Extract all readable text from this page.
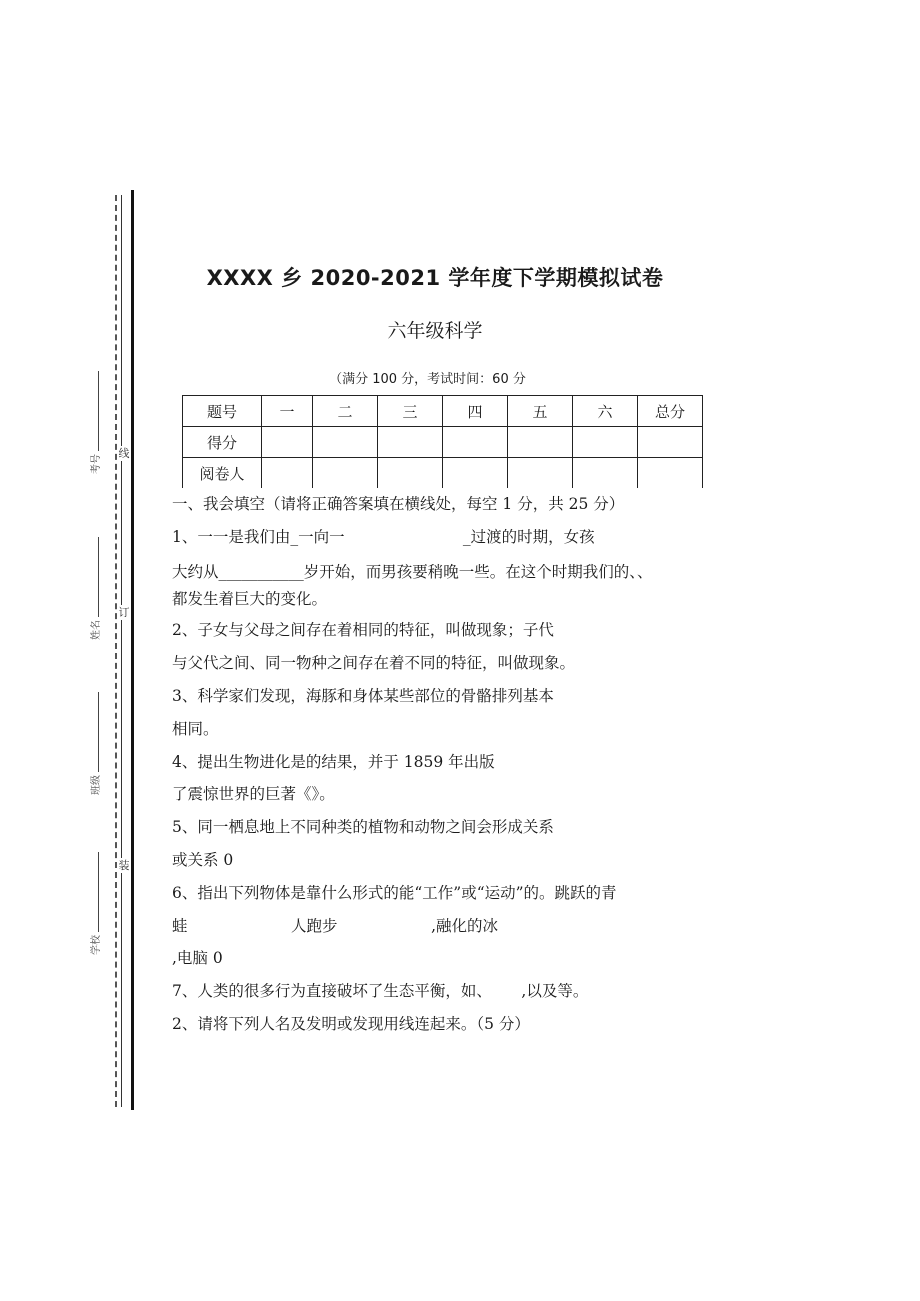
线
订
装
考号
姓名
班级
学校
XXXX 乡 2020-2021 学年度下学期模拟试卷
六年级科学
（满分 100 分，考试时间：60 分
题号	一	二	三	四	五	六	总分
得分							
阅卷人							

一、我会填空（请将正确答案填在横线处，每空 1 分，共 25 分）

1、一一是我们由_一向一                        _过渡的时期，女孩

大约从___________岁开始，而男孩要稍晚一些。在这个时期我们的、、

都发生着巨大的变化。

2、子女与父母之间存在着相同的特征，叫做现象；子代

与父代之间、同一物种之间存在着不同的特征，叫做现象。

3、科学家们发现，海豚和身体某些部位的骨骼排列基本

相同。

4、提出生物进化是的结果，并于 1859 年出版

了震惊世界的巨著《》。

5、同一栖息地上不同种类的植物和动物之间会形成关系

或关系 0

6、指出下列物体是靠什么形式的能“工作”或“运动”的。跳跃的青

蛙                     人跑步                   ,融化的冰

,电脑 0

7、人类的很多行为直接破坏了生态平衡，如、      ,以及等。

2、请将下列人名及发明或发现用线连起来。（5 分）
